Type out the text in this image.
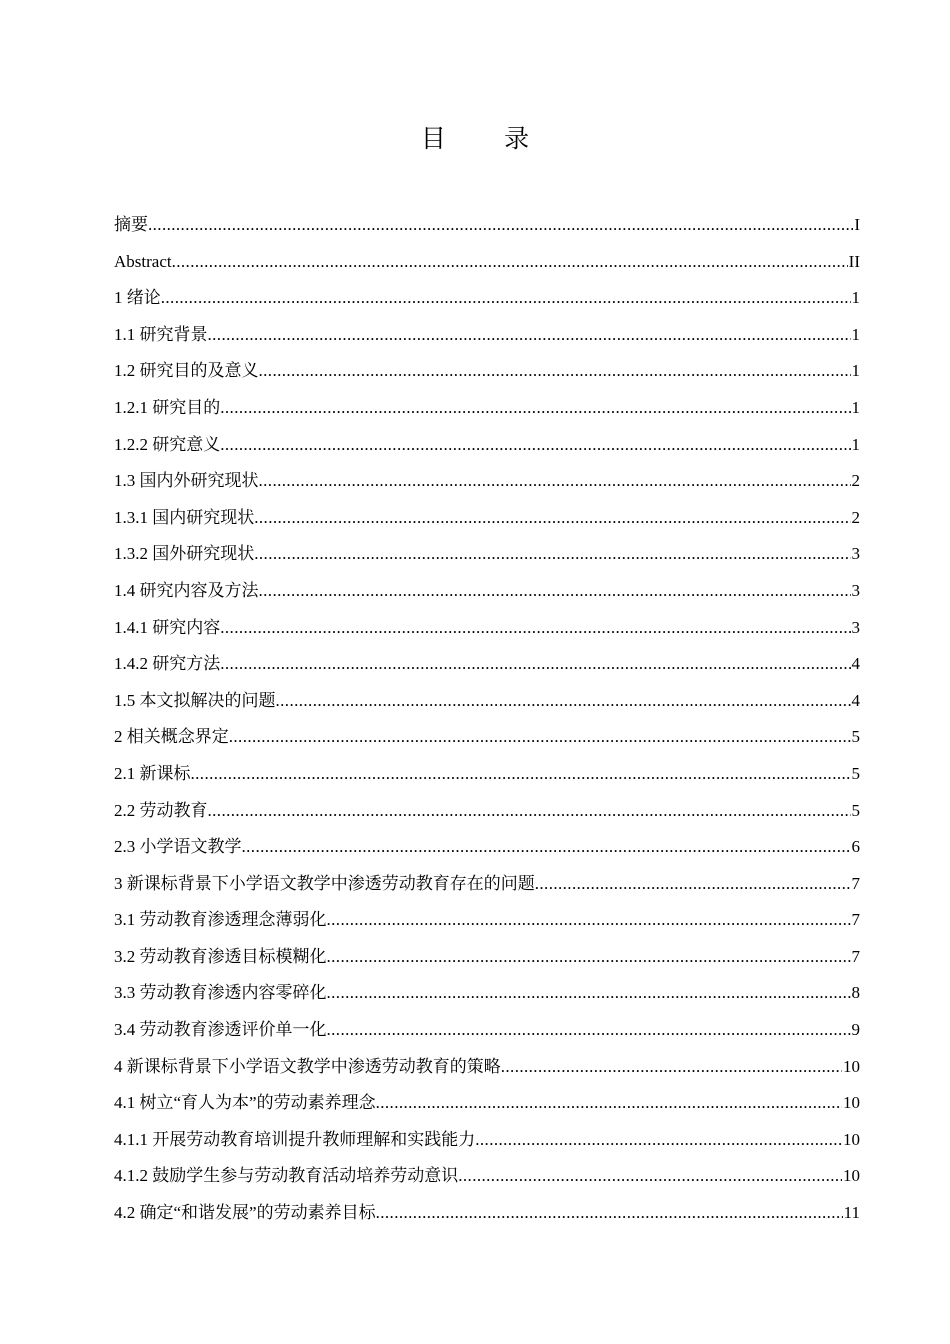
目 录
摘要 .....	I
Abstract .....	II
1 绪论 .....	1
1.1 研究背景 .....	1
1.2 研究目的及意义 .....	1
1.2.1 研究目的 .....	1
1.2.2 研究意义 .....	1
1.3 国内外研究现状 .....	2
1.3.1 国内研究现状 .....	2
1.3.2 国外研究现状 .....	3
1.4 研究内容及方法 .....	3
1.4.1 研究内容 .....	3
1.4.2 研究方法 .....	4
1.5 本文拟解决的问题 .....	4
2 相关概念界定 .....	5
2.1 新课标 .....	5
2.2 劳动教育 .....	5
2.3 小学语文教学 .....	6
3 新课标背景下小学语文教学中渗透劳动教育存在的问题 .....	7
3.1 劳动教育渗透理念薄弱化 .....	7
3.2 劳动教育渗透目标模糊化 .....	7
3.3 劳动教育渗透内容零碎化 .....	8
3.4 劳动教育渗透评价单一化 .....	9
4 新课标背景下小学语文教学中渗透劳动教育的策略 .....	10
4.1 树立“育人为本”的劳动素养理念 .....	10
4.1.1 开展劳动教育培训提升教师理解和实践能力 .....	10
4.1.2 鼓励学生参与劳动教育活动培养劳动意识 .....	10
4.2 确定“和谐发展”的劳动素养目标 .....	11
